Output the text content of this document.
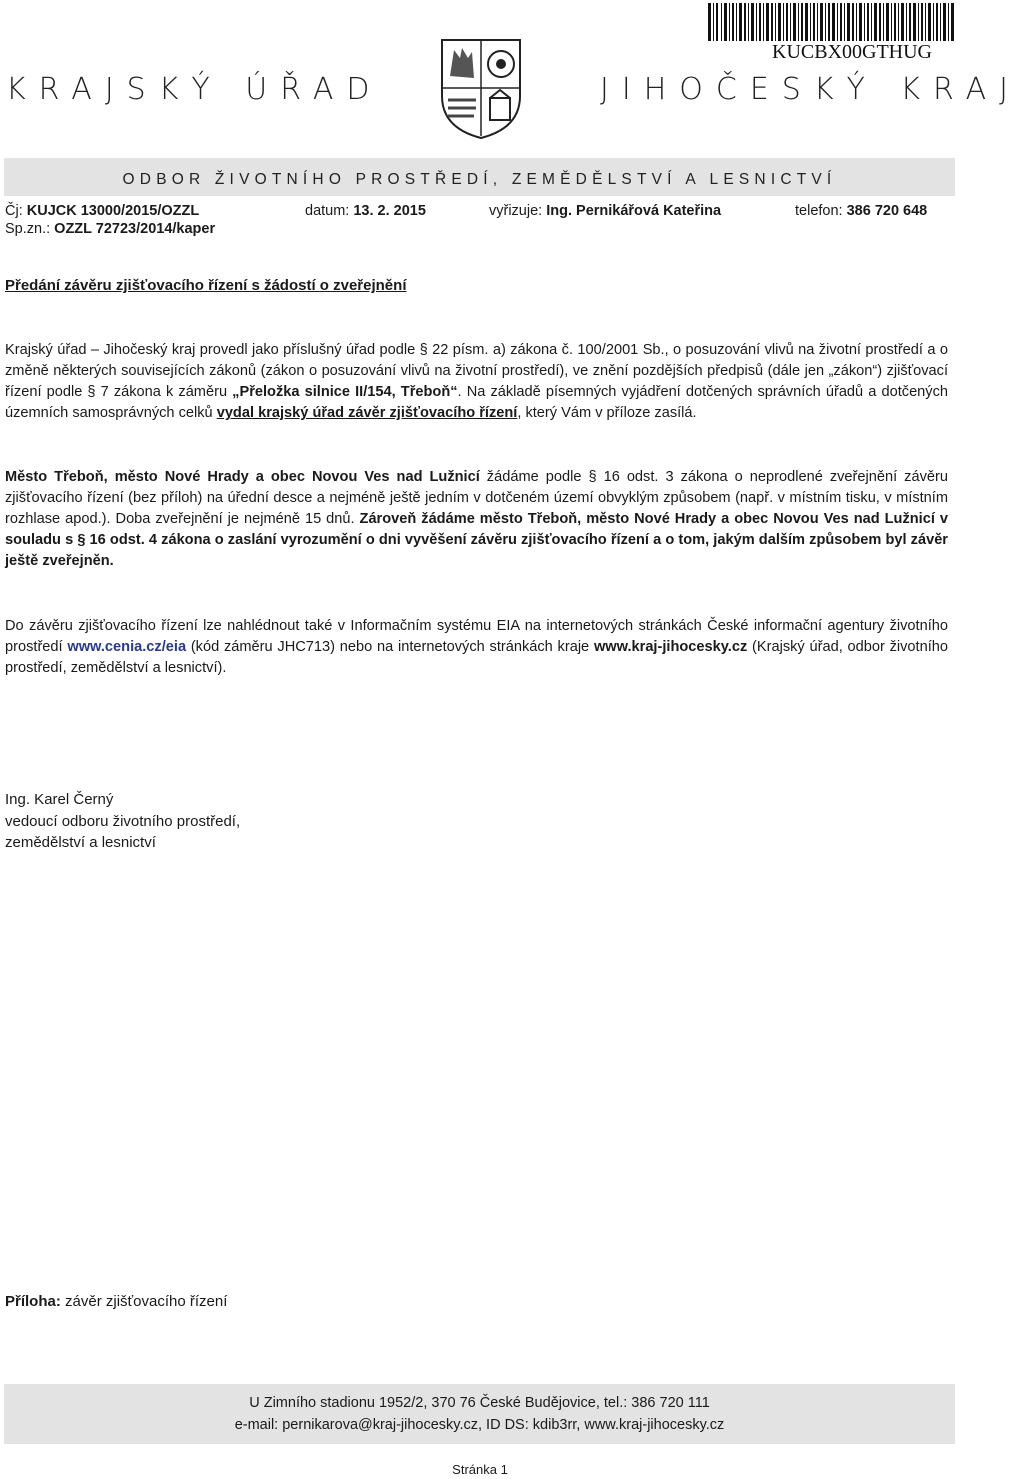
KRAJSKÝ ÚŘAD
KUCBX00GTHUG
JIHOČESKÝ KRAJ
ODBOR ŽIVOTNÍHO PROSTŘEDÍ, ZEMĚDĚLSTVÍ A LESNICTVÍ
Čj: KUJCK 13000/2015/OZZL	datum: 13. 2. 2015	vyřizuje: Ing. Pernikářová Kateřina	telefon: 386 720 648
Sp.zn.: OZZL 72723/2014/kaper
Předání závěru zjišťovacího řízení s žádostí o zveřejnění

Krajský úřad – Jihočeský kraj provedl jako příslušný úřad podle § 22 písm. a) zákona č. 100/2001 Sb., o posuzování vlivů na životní prostředí a o změně některých souvisejících zákonů (zákon o posuzování vlivů na životní prostředí), ve znění pozdějších předpisů (dále jen „zákon“) zjišťovací řízení podle § 7 zákona k záměru „Přeložka silnice II/154, Třeboň“. Na základě písemných vyjádření dotčených správních úřadů a dotčených územních samosprávných celků vydal krajský úřad závěr zjišťovacího řízení, který Vám v příloze zasílá.

Město Třeboň, město Nové Hrady a obec Novou Ves nad Lužnicí žádáme podle § 16 odst. 3 zákona o neprodlené zveřejnění závěru zjišťovacího řízení (bez příloh) na úřední desce a nejméně ještě jedním v dotčeném území obvyklým způsobem (např. v místním tisku, v místním rozhlase apod.). Doba zveřejnění je nejméně 15 dnů. Zároveň žádáme město Třeboň, město Nové Hrady a obec Novou Ves nad Lužnicí v souladu s § 16 odst. 4 zákona o zaslání vyrozumění o dni vyvěšení závěru zjišťovacího řízení a o tom, jakým dalším způsobem byl závěr ještě zveřejněn.

Do závěru zjišťovacího řízení lze nahlédnout také v Informačním systému EIA na internetových stránkách České informační agentury životního prostředí www.cenia.cz/eia (kód záměru JHC713) nebo na internetových stránkách kraje www.kraj-jihocesky.cz (Krajský úřad, odbor životního prostředí, zemědělství a lesnictví).

Ing. Karel Černý
vedoucí odboru životního prostředí,
zemědělství a lesnictví
Příloha: závěr zjišťovacího řízení
U Zimního stadionu 1952/2, 370 76 České Budějovice, tel.: 386 720 111
e-mail: pernikarova@kraj-jihocesky.cz, ID DS: kdib3rr, www.kraj-jihocesky.cz
Stránka 1
